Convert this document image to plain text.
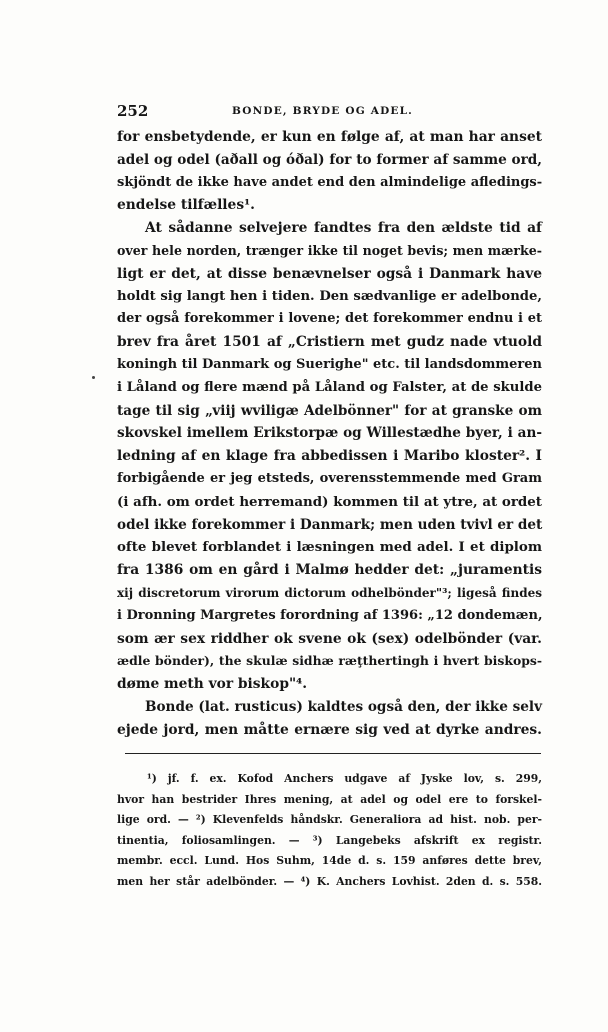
252	BONDE, BRYDE OG ADEL.
for ensbetydende, er kun en følge af, at man har anset
adel og odel (aðall og óðal) for to former af samme ord,
skjöndt de ikke have andet end den almindelige afledings-
endelse tilfælles¹.
At sådanne selvejere fandtes fra den ældste tid af
over hele norden, trænger ikke til noget bevis; men mærke-
ligt er det, at disse benævnelser også i Danmark have
holdt sig langt hen i tiden. Den sædvanlige er adelbonde,
der også forekommer i lovene; det forekommer endnu i et
brev fra året 1501 af „Cristiern met gudz nade vtuold
koningh til Danmark og Suerighe" etc. til landsdommeren
i Låland og flere mænd på Låland og Falster, at de skulde
tage til sig „viij wviligæ Adelbönner" for at granske om
skovskel imellem Erikstorpæ og Willestædhe byer, i an-
ledning af en klage fra abbedissen i Maribo kloster². I
forbigående er jeg etsteds, overensstemmende med Gram
(i afh. om ordet herremand) kommen til at ytre, at ordet
odel ikke forekommer i Danmark; men uden tvivl er det
ofte blevet forblandet i læsningen med adel. I et diplom
fra 1386 om en gård i Malmø hedder det: „juramentis
xij discretorum virorum dictorum odhelbönder"³; ligeså findes
i Dronning Margretes forordning af 1396: „12 dondemæn,
som ær sex riddher ok svene ok (sex) odelbönder (var.
ædle bönder), the skulæ sidhæ ræţthertingh i hvert biskops-
døme meth vor biskop"⁴.
Bonde (lat. rusticus) kaldtes også den, der ikke selv
ejede jord, men måtte ernære sig ved at dyrke andres.
¹) jf. f. ex. Kofod Anchers udgave af Jyske lov, s. 299,
hvor han bestrider Ihres mening, at adel og odel ere to forskel-
lige ord. — ²) Klevenfelds håndskr. Generaliora ad hist. nob. per-
tinentia, foliosamlingen. — ³) Langebeks afskrift ex registr.
membr. eccl. Lund. Hos Suhm, 14de d. s. 159 anføres dette brev,
men her står adelbönder. — ⁴) K. Anchers Lovhist. 2den d. s. 558.
